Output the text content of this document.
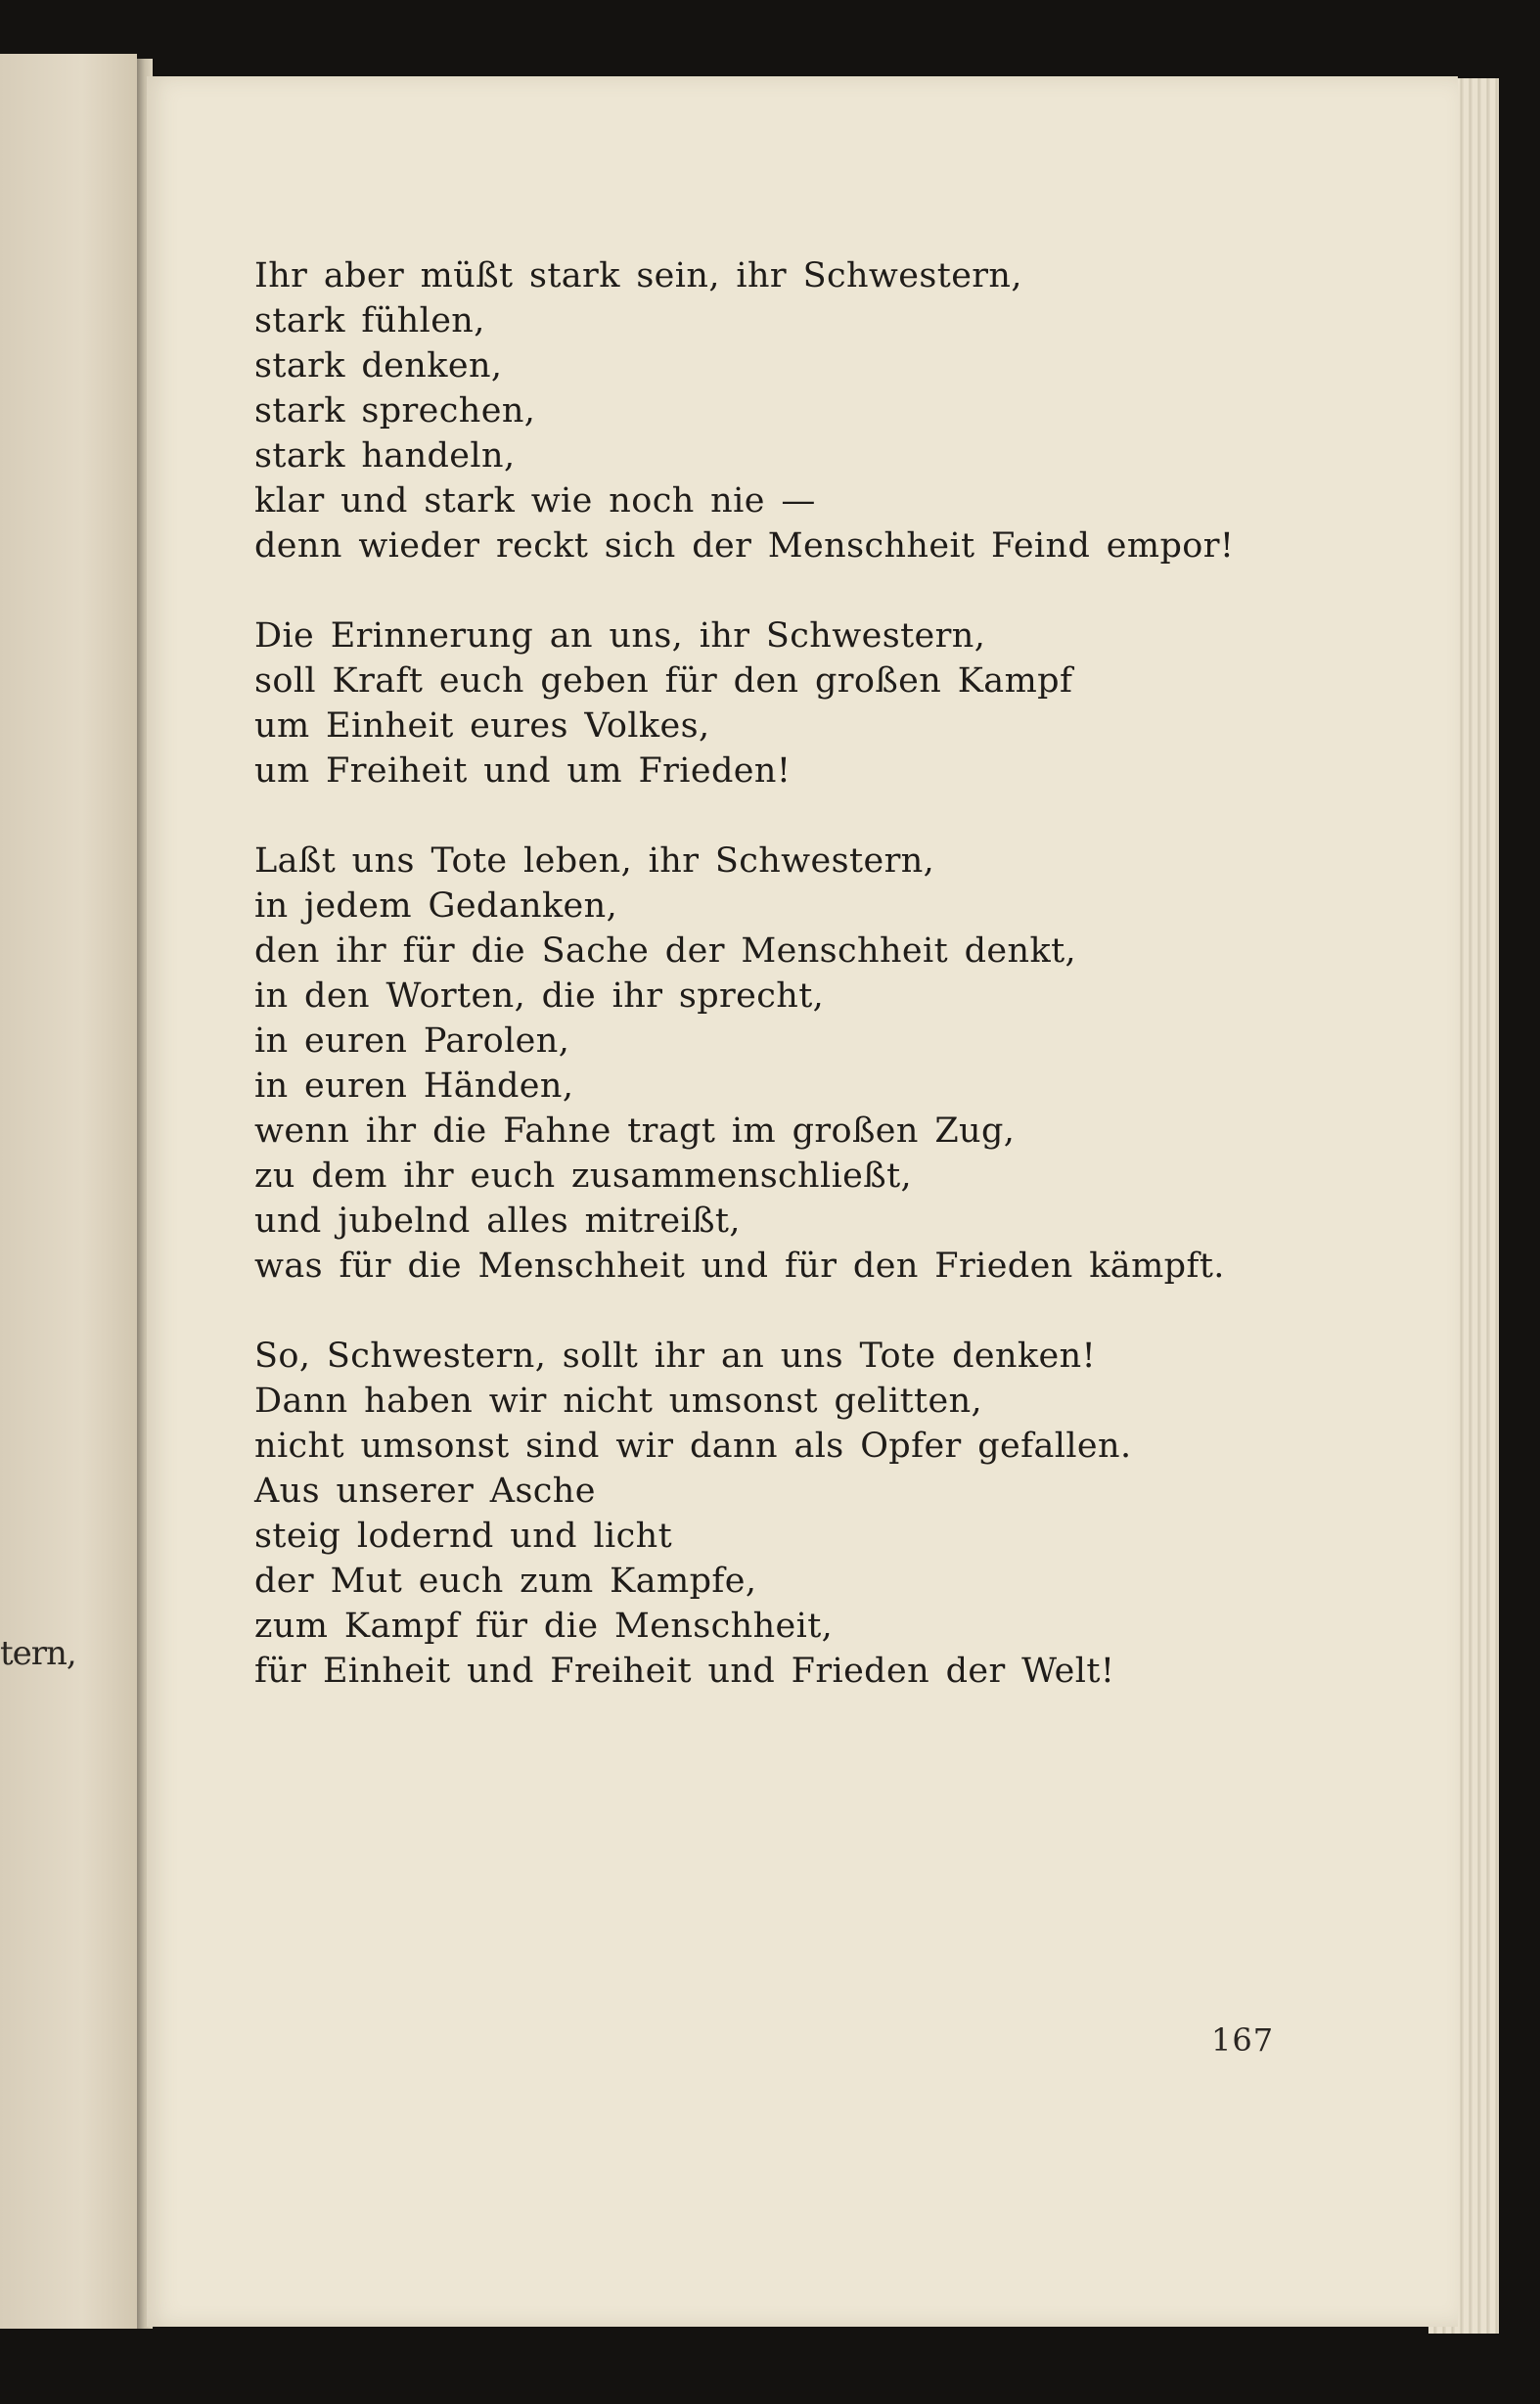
tern,
Ihr aber müßt stark sein, ihr Schwestern,
stark fühlen,
stark denken,
stark sprechen,
stark handeln,
klar und stark wie noch nie —
denn wieder reckt sich der Menschheit Feind empor!
Die Erinnerung an uns, ihr Schwestern,
soll Kraft euch geben für den großen Kampf
um Einheit eures Volkes,
um Freiheit und um Frieden!
Laßt uns Tote leben, ihr Schwestern,
in jedem Gedanken,
den ihr für die Sache der Menschheit denkt,
in den Worten, die ihr sprecht,
in euren Parolen,
in euren Händen,
wenn ihr die Fahne tragt im großen Zug,
zu dem ihr euch zusammenschließt,
und jubelnd alles mitreißt,
was für die Menschheit und für den Frieden kämpft.
So, Schwestern, sollt ihr an uns Tote denken!
Dann haben wir nicht umsonst gelitten,
nicht umsonst sind wir dann als Opfer gefallen.
Aus unserer Asche
steig lodernd und licht
der Mut euch zum Kampfe,
zum Kampf für die Menschheit,
für Einheit und Freiheit und Frieden der Welt!
167
